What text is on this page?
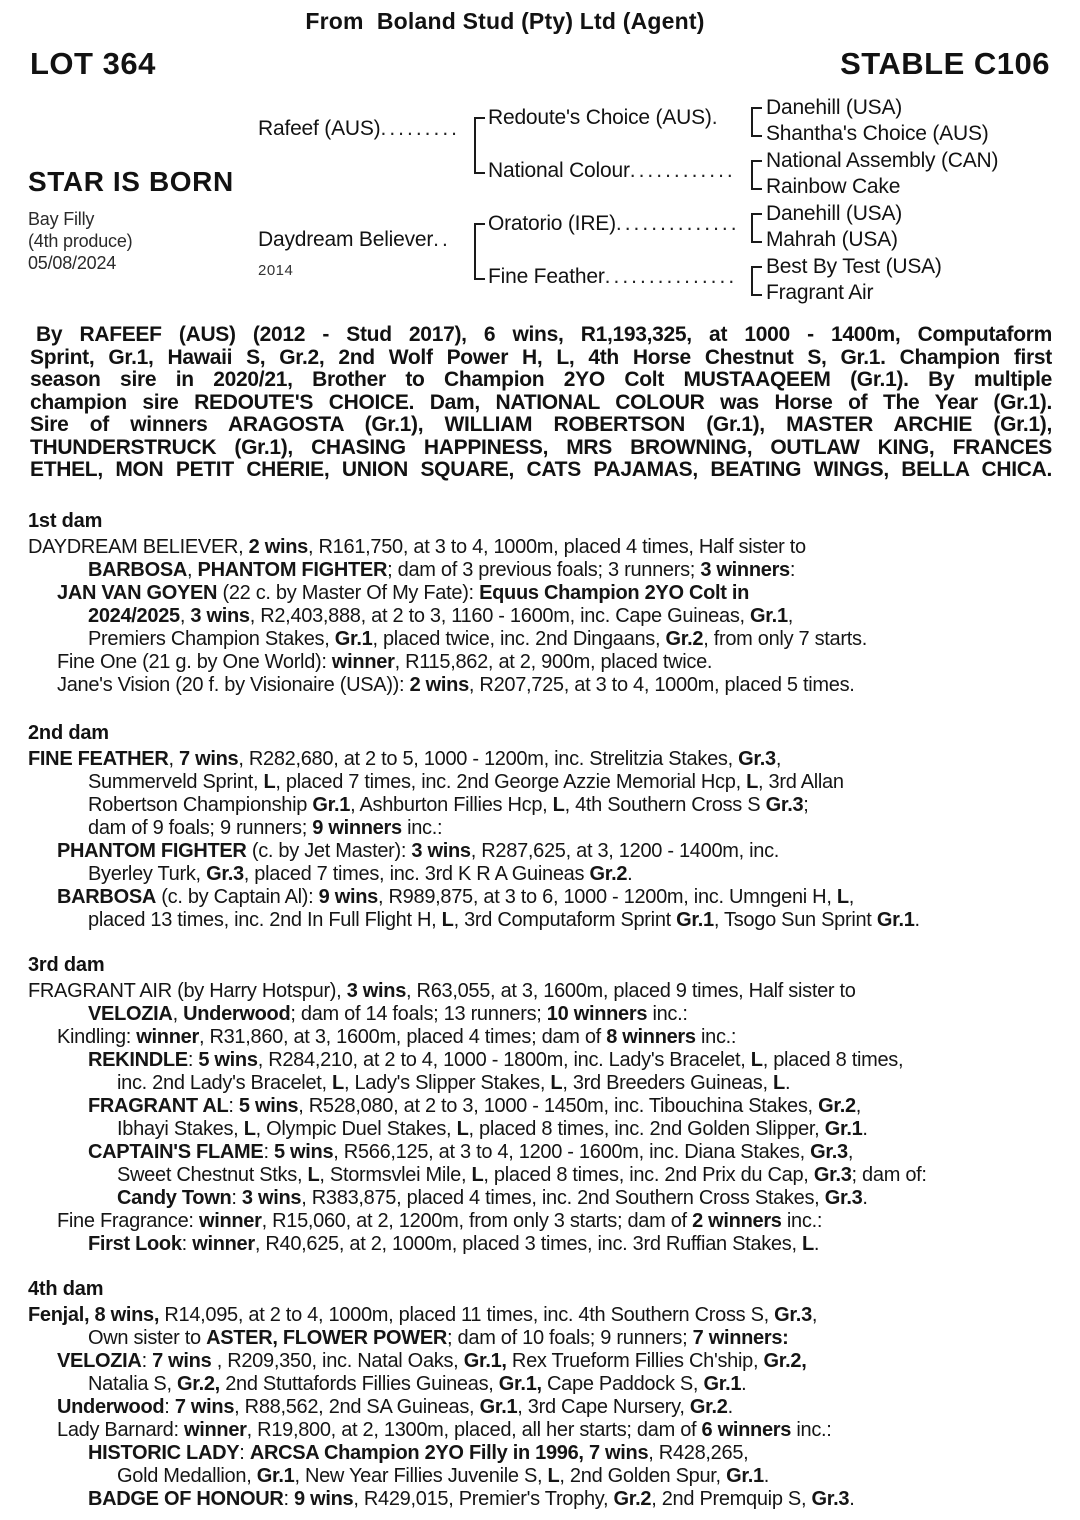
From  Boland Stud (Pty) Ltd (Agent)
LOT 364	STABLE C106
STAR IS BORN
Bay Filly
(4th produce)
05/08/2024
Rafeef (AUS).........
Daydream Believer..
2014
Redoute's Choice (AUS).
National Colour............
Oratorio (IRE)..............
Fine Feather...............
Danehill (USA)
Shantha's Choice (AUS)
National Assembly (CAN)
Rainbow Cake
Danehill (USA)
Mahrah (USA)
Best By Test (USA)
Fragrant Air
By RAFEEF (AUS) (2012 - Stud 2017), 6 wins, R1,193,325, at 1000 - 1400m, Computaform
Sprint, Gr.1, Hawaii S, Gr.2, 2nd Wolf Power H, L, 4th Horse Chestnut S, Gr.1. Champion first
season sire in 2020/21, Brother to Champion 2YO Colt MUSTAAQEEM (Gr.1). By multiple
champion sire REDOUTE'S CHOICE. Dam, NATIONAL COLOUR was Horse of The Year (Gr.1).
Sire of winners ARAGOSTA (Gr.1), WILLIAM ROBERTSON (Gr.1), MASTER ARCHIE (Gr.1),
THUNDERSTRUCK (Gr.1), CHASING HAPPINESS, MRS BROWNING, OUTLAW KING, FRANCES
ETHEL, MON PETIT CHERIE, UNION SQUARE, CATS PAJAMAS, BEATING WINGS, BELLA CHICA.
1st dam
DAYDREAM BELIEVER, 2 wins, R161,750, at 3 to 4, 1000m, placed 4 times, Half sister to
BARBOSA, PHANTOM FIGHTER; dam of 3 previous foals; 3 runners; 3 winners:
JAN VAN GOYEN (22 c. by Master Of My Fate): Equus Champion 2YO Colt in
2024/2025, 3 wins, R2,403,888, at 2 to 3, 1160 - 1600m, inc. Cape Guineas, Gr.1,
Premiers Champion Stakes, Gr.1, placed twice, inc. 2nd Dingaans, Gr.2, from only 7 starts.
Fine One (21 g. by One World): winner, R115,862, at 2, 900m, placed twice.
Jane's Vision (20 f. by Visionaire (USA)): 2 wins, R207,725, at 3 to 4, 1000m, placed 5 times.
2nd dam
FINE FEATHER, 7 wins, R282,680, at 2 to 5, 1000 - 1200m, inc. Strelitzia Stakes, Gr.3,
Summerveld Sprint, L, placed 7 times, inc. 2nd George Azzie Memorial Hcp, L, 3rd Allan
Robertson Championship Gr.1, Ashburton Fillies Hcp, L, 4th Southern Cross S Gr.3;
dam of 9 foals; 9 runners; 9 winners inc.:
PHANTOM FIGHTER (c. by Jet Master): 3 wins, R287,625, at 3, 1200 - 1400m, inc.
Byerley Turk, Gr.3, placed 7 times, inc. 3rd K R A Guineas Gr.2.
BARBOSA (c. by Captain Al): 9 wins, R989,875, at 3 to 6, 1000 - 1200m, inc. Umngeni H, L,
placed 13 times, inc. 2nd In Full Flight H, L, 3rd Computaform Sprint Gr.1, Tsogo Sun Sprint Gr.1.
3rd dam
FRAGRANT AIR (by Harry Hotspur), 3 wins, R63,055, at 3, 1600m, placed 9 times, Half sister to
VELOZIA, Underwood; dam of 14 foals; 13 runners; 10 winners inc.:
Kindling: winner, R31,860, at 3, 1600m, placed 4 times; dam of 8 winners inc.:
REKINDLE: 5 wins, R284,210, at 2 to 4, 1000 - 1800m, inc. Lady's Bracelet, L, placed 8 times,
inc. 2nd Lady's Bracelet, L, Lady's Slipper Stakes, L, 3rd Breeders Guineas, L.
FRAGRANT AL: 5 wins, R528,080, at 2 to 3, 1000 - 1450m, inc. Tibouchina Stakes, Gr.2,
Ibhayi Stakes, L, Olympic Duel Stakes, L, placed 8 times, inc. 2nd Golden Slipper, Gr.1.
CAPTAIN'S FLAME: 5 wins, R566,125, at 3 to 4, 1200 - 1600m, inc. Diana Stakes, Gr.3,
Sweet Chestnut Stks, L, Stormsvlei Mile, L, placed 8 times, inc. 2nd Prix du Cap, Gr.3; dam of:
Candy Town: 3 wins, R383,875, placed 4 times, inc. 2nd Southern Cross Stakes, Gr.3.
Fine Fragrance: winner, R15,060, at 2, 1200m, from only 3 starts; dam of 2 winners inc.:
First Look: winner, R40,625, at 2, 1000m, placed 3 times, inc. 3rd Ruffian Stakes, L.
4th dam
Fenjal, 8 wins, R14,095, at 2 to 4, 1000m, placed 11 times, inc. 4th Southern Cross S, Gr.3,
Own sister to ASTER, FLOWER POWER; dam of 10 foals; 9 runners; 7 winners:
VELOZIA: 7 wins , R209,350, inc. Natal Oaks, Gr.1, Rex Trueform Fillies Ch'ship, Gr.2,
Natalia S, Gr.2, 2nd Stuttafords Fillies Guineas, Gr.1, Cape Paddock S, Gr.1.
Underwood: 7 wins, R88,562, 2nd SA Guineas, Gr.1, 3rd Cape Nursery, Gr.2.
Lady Barnard: winner, R19,800, at 2, 1300m, placed, all her starts; dam of 6 winners inc.:
HISTORIC LADY: ARCSA Champion 2YO Filly in 1996, 7 wins, R428,265,
Gold Medallion, Gr.1, New Year Fillies Juvenile S, L, 2nd Golden Spur, Gr.1.
BADGE OF HONOUR: 9 wins, R429,015, Premier's Trophy, Gr.2, 2nd Premquip S, Gr.3.
